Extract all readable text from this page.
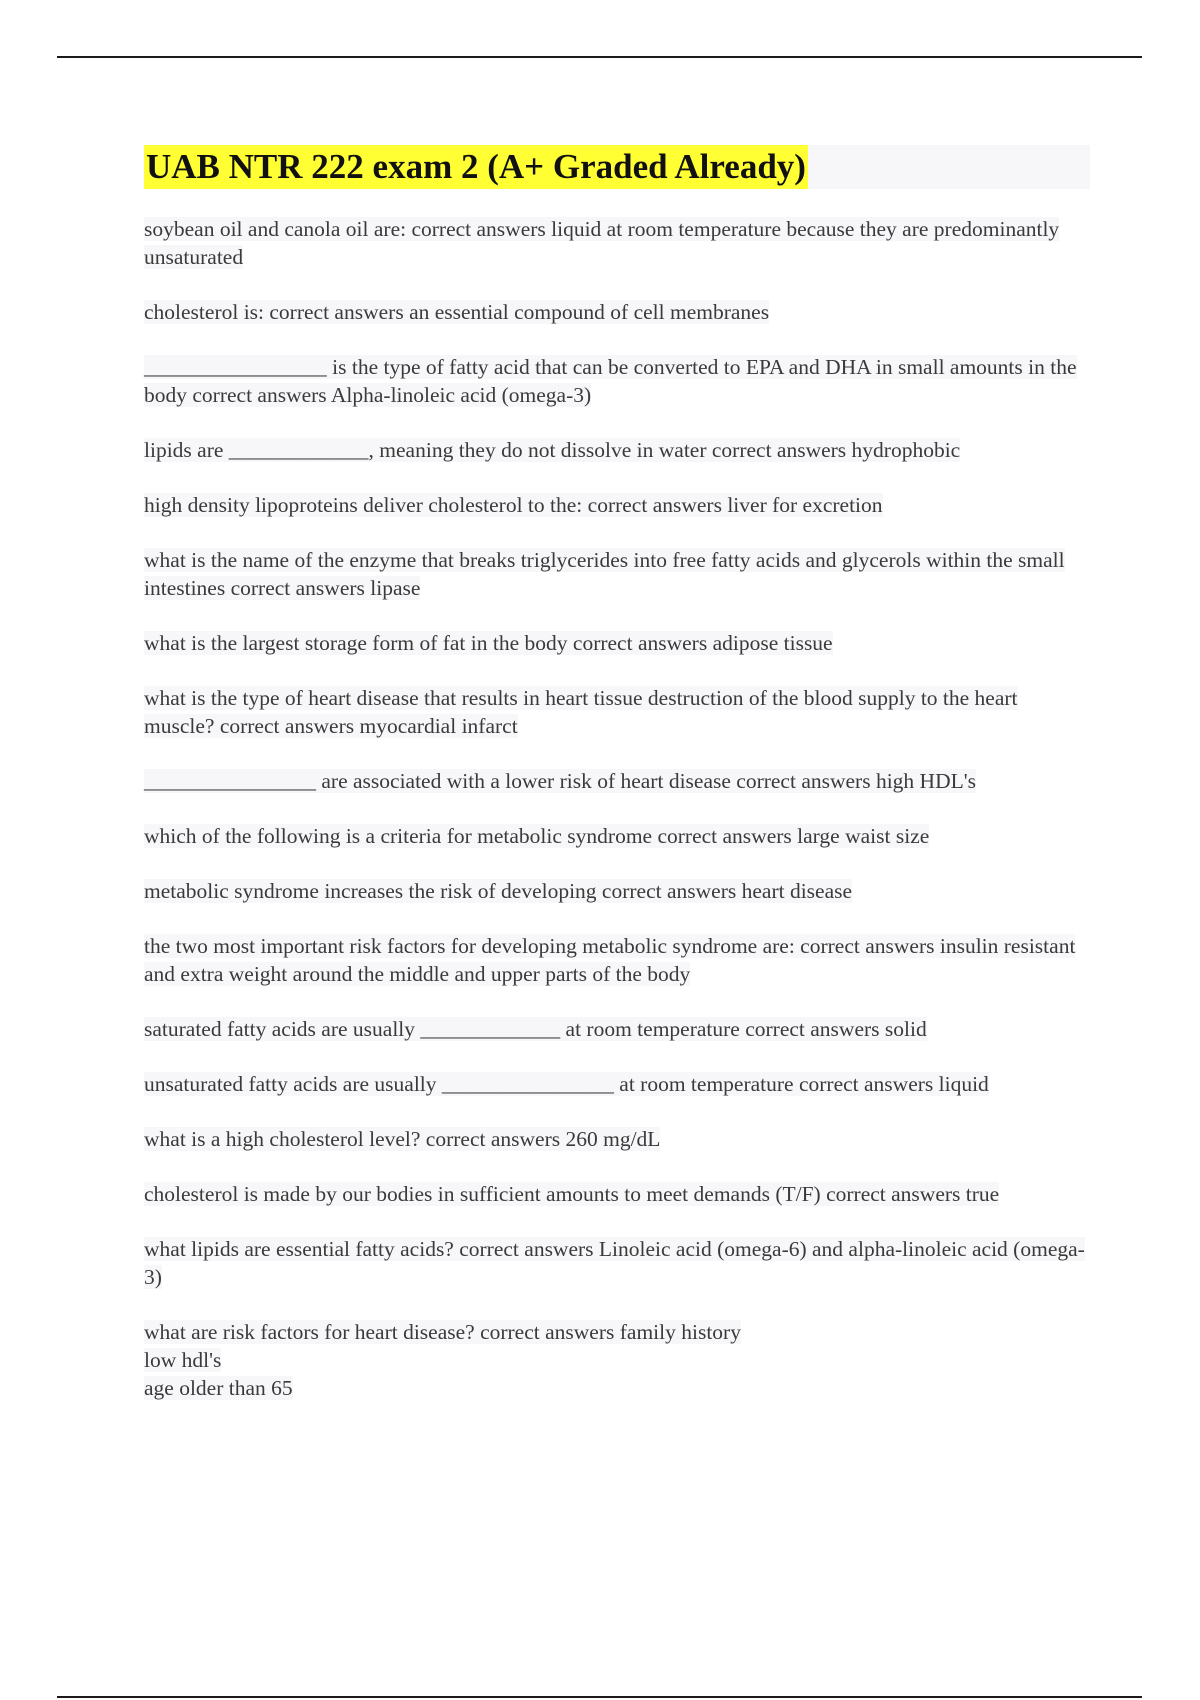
UAB NTR 222 exam 2 (A+ Graded Already)

soybean oil and canola oil are: correct answers liquid at room temperature because they are predominantly unsaturated

cholesterol is: correct answers an essential compound of cell membranes

_________________ is the type of fatty acid that can be converted to EPA and DHA in small amounts in the body correct answers Alpha-linoleic acid (omega-3)

lipids are _____________, meaning they do not dissolve in water correct answers hydrophobic

high density lipoproteins deliver cholesterol to the: correct answers liver for excretion

what is the name of the enzyme that breaks triglycerides into free fatty acids and glycerols within the small intestines correct answers lipase

what is the largest storage form of fat in the body correct answers adipose tissue

what is the type of heart disease that results in heart tissue destruction of the blood supply to the heart muscle? correct answers myocardial infarct

________________ are associated with a lower risk of heart disease correct answers high HDL's

which of the following is a criteria for metabolic syndrome correct answers large waist size

metabolic syndrome increases the risk of developing correct answers heart disease

the two most important risk factors for developing metabolic syndrome are: correct answers insulin resistant and extra weight around the middle and upper parts of the body

saturated fatty acids are usually _____________ at room temperature correct answers solid

unsaturated fatty acids are usually ________________ at room temperature correct answers liquid

what is a high cholesterol level? correct answers 260 mg/dL

cholesterol is made by our bodies in sufficient amounts to meet demands (T/F) correct answers true

what lipids are essential fatty acids? correct answers Linoleic acid (omega-6) and alpha-linoleic acid (omega-3)

what are risk factors for heart disease? correct answers family history
low hdl's
age older than 65
